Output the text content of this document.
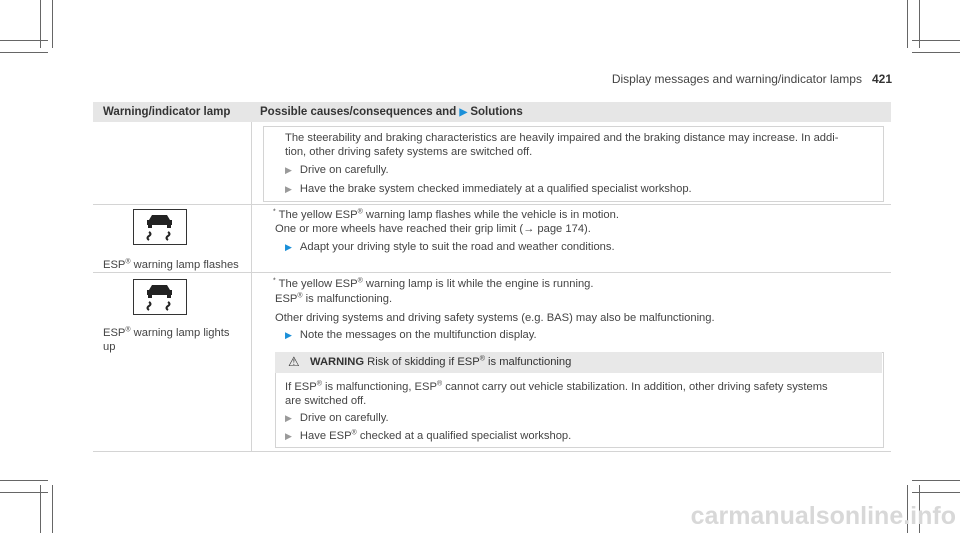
Display messages and warning/indicator lamps 421
Warning/indicator lamp	Possible causes/consequences and ▶ Solutions
The steerability and braking characteristics are heavily impaired and the braking distance may increase. In addi-
tion, other driving safety systems are switched off.
▶ Drive on carefully.
▶ Have the brake system checked immediately at a qualified specialist workshop.
ESP® warning lamp flashes
* The yellow ESP® warning lamp flashes while the vehicle is in motion.
One or more wheels have reached their grip limit (→ page 174).
▶ Adapt your driving style to suit the road and weather conditions.
ESP® warning lamp lights
up
* The yellow ESP® warning lamp is lit while the engine is running.
ESP® is malfunctioning.
Other driving systems and driving safety systems (e.g. BAS) may also be malfunctioning.
▶ Note the messages on the multifunction display.
⚠ WARNING Risk of skidding if ESP® is malfunctioning
If ESP® is malfunctioning, ESP® cannot carry out vehicle stabilization. In addition, other driving safety systems
are switched off.
▶ Drive on carefully.
▶ Have ESP® checked at a qualified specialist workshop.
carmanualsonline.info
